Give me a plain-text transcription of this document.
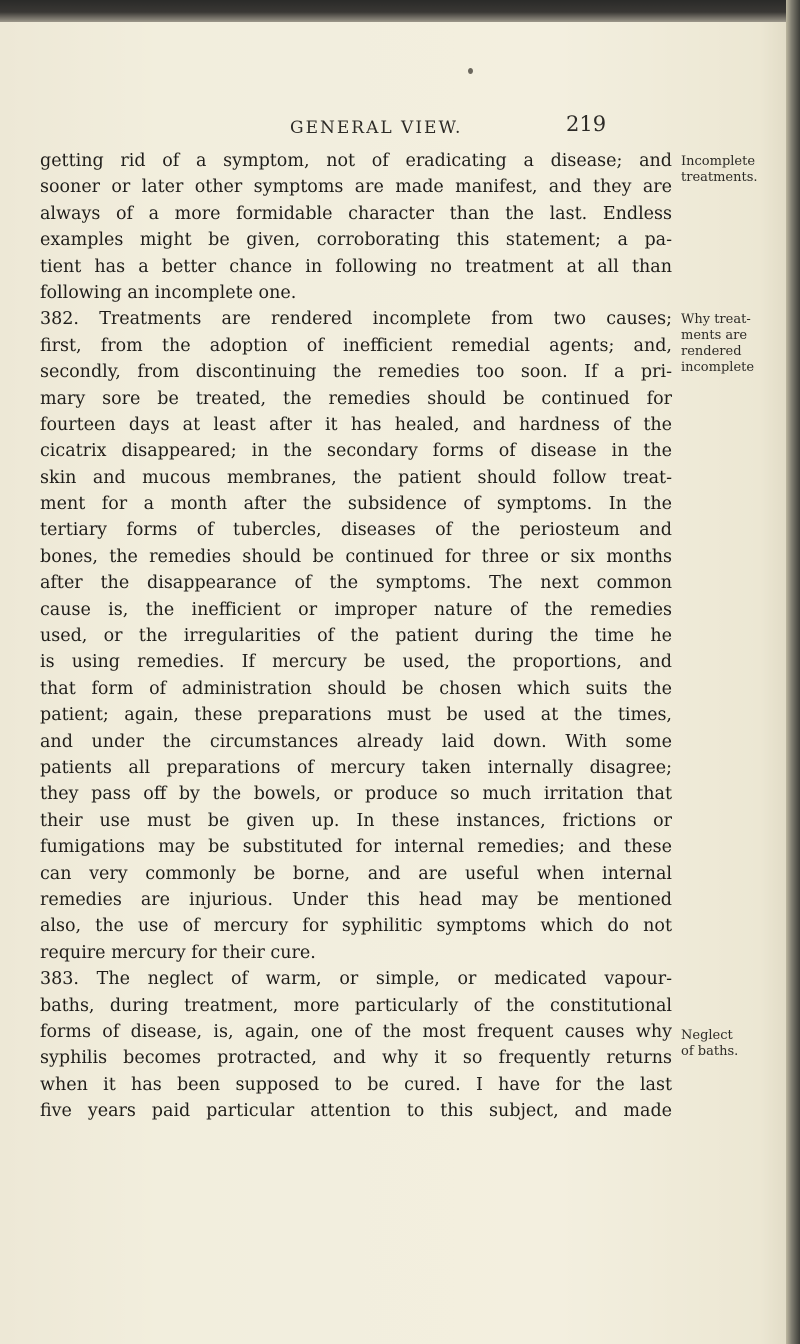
GENERAL VIEW.	219
getting rid of a symptom, not of eradicating a disease; and
sooner or later other symptoms are made manifest, and they are
always of a more formidable character than the last. Endless
examples might be given, corroborating this statement; a pa-
tient has a better chance in following no treatment at all than
following an incomplete one.
382. Treatments are rendered incomplete from two causes;
first, from the adoption of inefficient remedial agents; and,
secondly, from discontinuing the remedies too soon. If a pri-
mary sore be treated, the remedies should be continued for
fourteen days at least after it has healed, and hardness of the
cicatrix disappeared; in the secondary forms of disease in the
skin and mucous membranes, the patient should follow treat-
ment for a month after the subsidence of symptoms. In the
tertiary forms of tubercles, diseases of the periosteum and
bones, the remedies should be continued for three or six months
after the disappearance of the symptoms. The next common
cause is, the inefficient or improper nature of the remedies
used, or the irregularities of the patient during the time he
is using remedies. If mercury be used, the proportions, and
that form of administration should be chosen which suits the
patient; again, these preparations must be used at the times,
and under the circumstances already laid down. With some
patients all preparations of mercury taken internally disagree;
they pass off by the bowels, or produce so much irritation that
their use must be given up. In these instances, frictions or
fumigations may be substituted for internal remedies; and these
can very commonly be borne, and are useful when internal
remedies are injurious. Under this head may be mentioned
also, the use of mercury for syphilitic symptoms which do not
require mercury for their cure.
383. The neglect of warm, or simple, or medicated vapour-
baths, during treatment, more particularly of the constitutional
forms of disease, is, again, one of the most frequent causes why
syphilis becomes protracted, and why it so frequently returns
when it has been supposed to be cured. I have for the last
five years paid particular attention to this subject, and made
Incomplete
treatments.
Why treat-
ments are
rendered
incomplete
Neglect
of baths.
